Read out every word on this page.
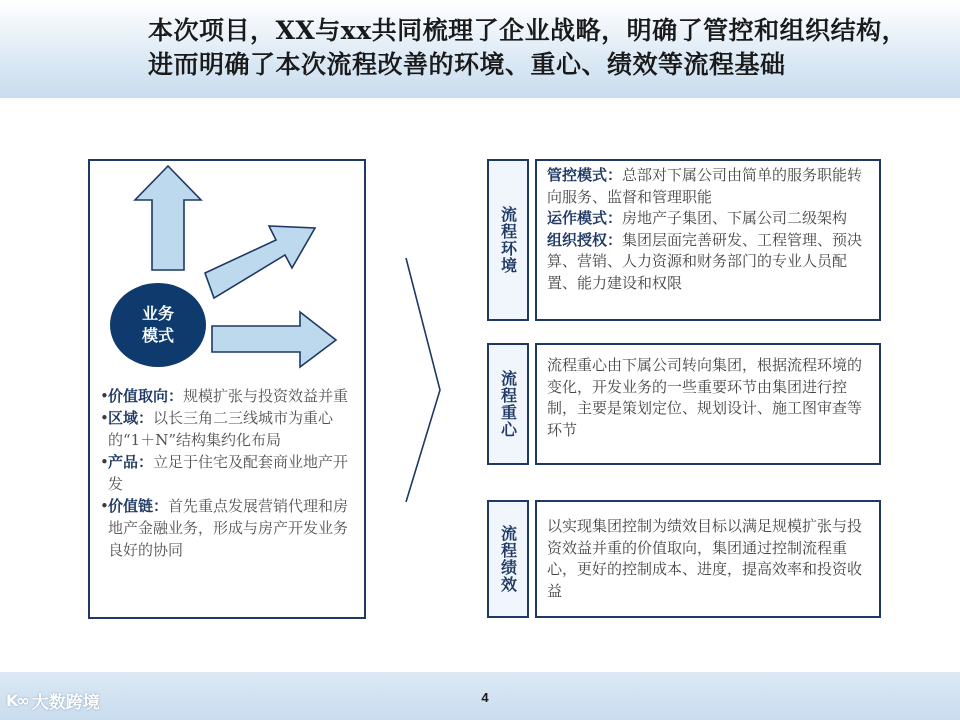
本次项目，XX与xx共同梳理了企业战略，明确了管控和组织结构，
进而明确了本次流程改善的环境、重心、绩效等流程基础
业务模式

• 价值取向：规模扩张与投资效益并重

• 区域：以长三角二三线城市为重心的“1＋N”结构集约化布局

• 产品：立足于住宅及配套商业地产开发

• 价值链：首先重点发展营销代理和房地产金融业务，形成与房产开发业务良好的协同

流程环境

管控模式：总部对下属公司由简单的服务职能转向服务、监督和管理职能

运作模式：房地产子集团、下属公司二级架构

组织授权：集团层面完善研发、工程管理、预决算、营销、人力资源和财务部门的专业人员配置、能力建设和权限

流程重心

流程重心由下属公司转向集团，根据流程环境的变化，开发业务的一些重要环节由集团进行控制，主要是策划定位、规划设计、施工图审查等环节

流程绩效 以实现集团控制为绩效目标以满足规模扩张与投资效益并重的价值取向，集团通过控制流程重心，更好的控制成本、进度，提高效率和投资收益

K∞ 大数跨境	4
